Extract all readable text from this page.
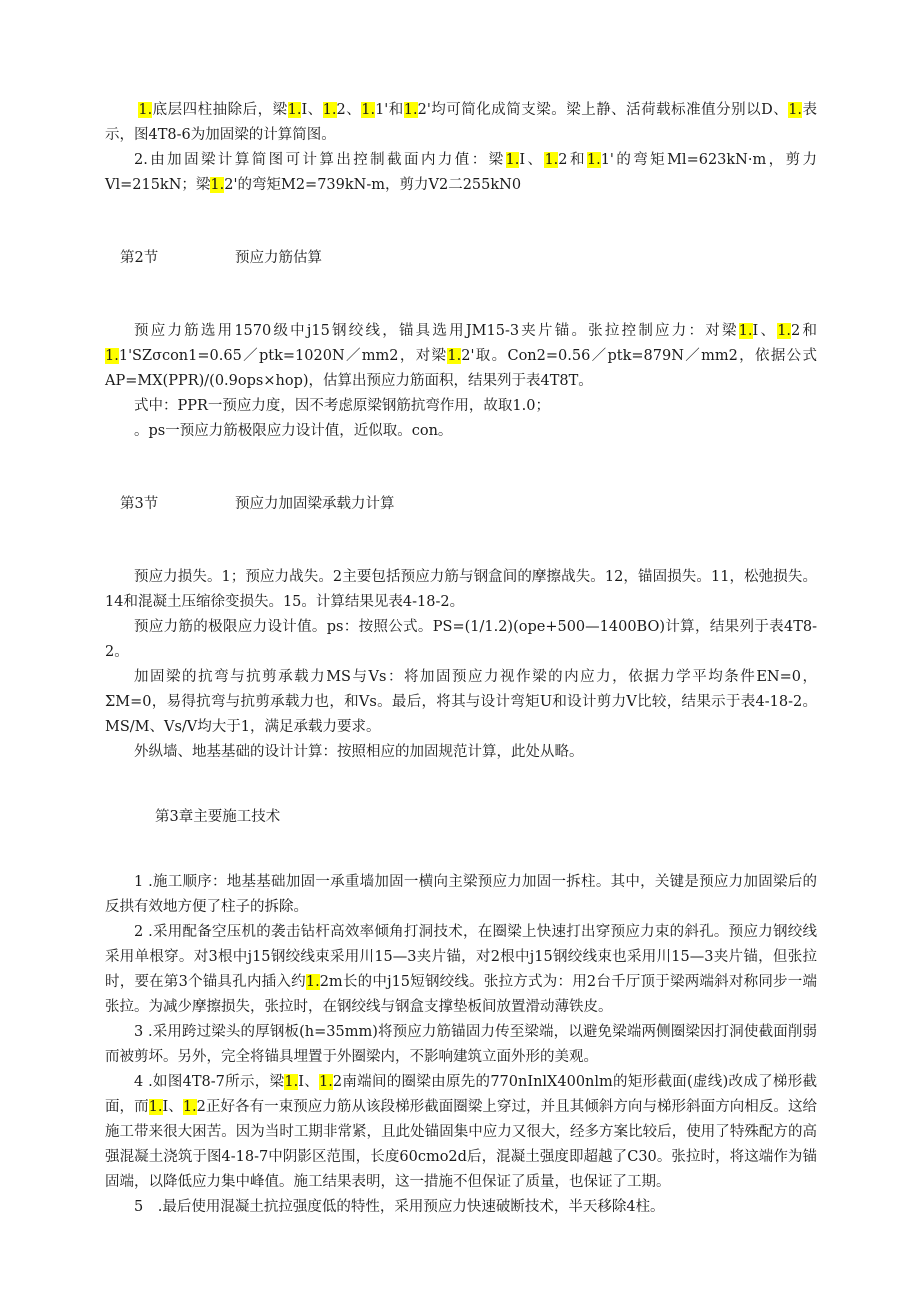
1.底层四柱抽除后，梁1.I、1.2、1.1'和1.2'均可简化成简支梁。梁上静、活荷载标准值分别以D、1.表示，图4T8-6为加固梁的计算简图。

2.由加固梁计算简图可计算出控制截面内力值：梁1.I、1.2和1.1'的弯矩Ml=623kN·m，剪力Vl=215kN；梁1.2'的弯矩M2=739kN-m，剪力V2二255kN0

第2节	预应力筋估算

预应力筋选用1570级中j15钢绞线，锚具选用JM15-3夹片锚。张拉控制应力：对梁1.I、1.2和1.1'SZσcon1=0.65／ptk=1020N／mm2，对梁1.2'取。Con2=0.56／ptk=879N／mm2，依据公式AP=MX(PPR)/(0.9ops×hop)，估算出预应力筋面积，结果列于表4T8T。

式中：PPR一预应力度，因不考虑原梁钢筋抗弯作用，故取1.0；

。ps一预应力筋极限应力设计值，近似取。con。

第3节	预应力加固梁承载力计算

预应力损失。1；预应力战失。2主要包括预应力筋与钢盒间的摩擦战失。12，锚固损失。11，松弛损失。14和混凝土压缩徐变损失。15。计算结果见表4-18-2。

预应力筋的极限应力设计值。ps：按照公式。PS=(1/1.2)(ope+500—1400BO)计算，结果列于表4T8-2。

加固梁的抗弯与抗剪承载力MS与Vs：将加固预应力视作梁的内应力，依据力学平均条件EN=0，ΣM=0，易得抗弯与抗剪承载力也，和Vs。最后，将其与设计弯矩U和设计剪力V比较，结果示于表4-18-2。MS/M、Vs/V均大于1，满足承载力要求。

外纵墙、地基基础的设计计算：按照相应的加固规范计算，此处从略。

第3章主要施工技术

1 .施工顺序：地基基础加固一承重墙加固一横向主梁预应力加固一拆柱。其中，关键是预应力加固梁后的反拱有效地方便了柱子的拆除。

2 .采用配备空压机的袭击钻杆高效率倾角打洞技术，在圈梁上快速打出穿预应力束的斜孔。预应力钢绞线采用单根穿。对3根中j15钢绞线束采用川15—3夹片锚，对2根中j15钢绞线束也采用川15—3夹片锚，但张拉时，要在第3个锚具孔内插入约1.2m长的中j15短钢绞线。张拉方式为：用2台千厅顶于梁两端斜对称同步一端张拉。为减少摩擦损失，张拉时，在钢绞线与钢盒支撑垫板间放置滑动薄铁皮。

3 .采用跨过梁头的厚钢板(h=35mm)将预应力筋锚固力传至梁端，以避免梁端两侧圈梁因打洞使截面削弱而被剪坏。另外，完全将锚具埋置于外圈梁内，不影响建筑立面外形的美观。

4 .如图4T8-7所示，梁1.I、1.2南端间的圈梁由原先的770nInlX400nlm的矩形截面(虚线)改成了梯形截面，而1.I、1.2正好各有一束预应力筋从该段梯形截面圈梁上穿过，并且其倾斜方向与梯形斜面方向相反。这给施工带来很大困苦。因为当时工期非常紧，且此处锚固集中应力又很大，经多方案比较后，使用了特殊配方的高强混凝土浇筑于图4-18-7中阴影区范围，长度60cmo2d后，混凝土强度即超越了C30。张拉时，将这端作为锚固端，以降低应力集中峰值。施工结果表明，这一措施不但保证了质量，也保证了工期。

5　.最后使用混凝土抗拉强度低的特性，采用预应力快速破断技术，半天移除4柱。
